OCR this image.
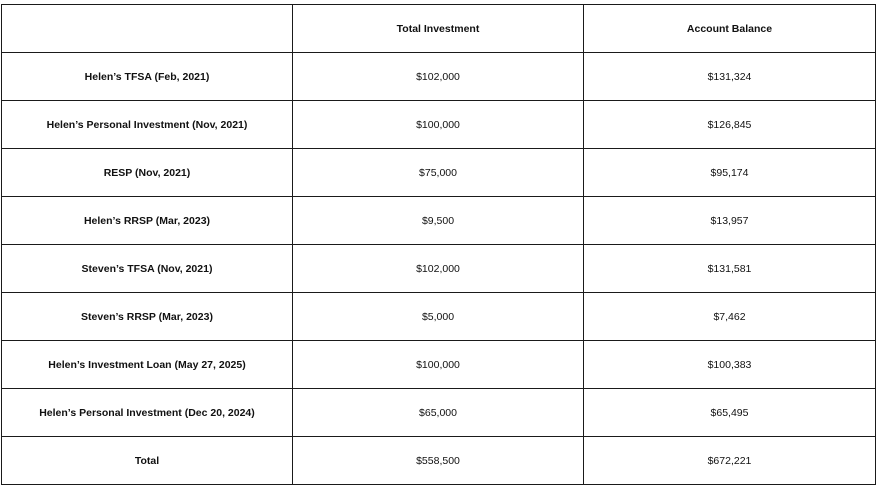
	Total Investment	Account Balance
Helen’s TFSA (Feb, 2021)	$102,000	$131,324
Helen’s Personal Investment (Nov, 2021)	$100,000	$126,845
RESP (Nov, 2021)	$75,000	$95,174
Helen’s RRSP (Mar, 2023)	$9,500	$13,957
Steven’s TFSA (Nov, 2021)	$102,000	$131,581
Steven’s RRSP (Mar, 2023)	$5,000	$7,462
Helen’s Investment Loan (May 27, 2025)	$100,000	$100,383
Helen’s Personal Investment (Dec 20, 2024)	$65,000	$65,495
Total	$558,500	$672,221
